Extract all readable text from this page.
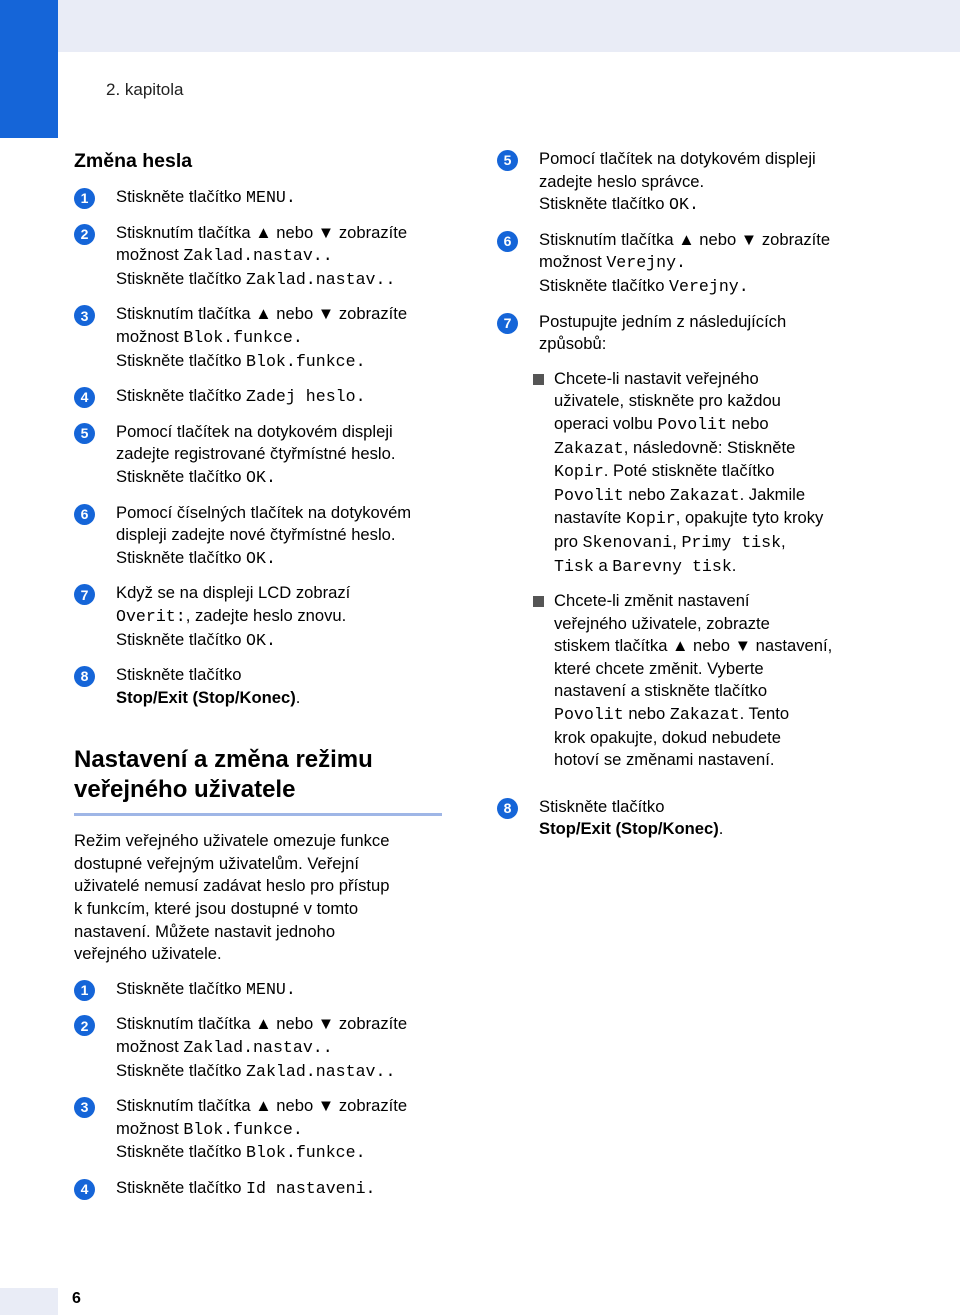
2. kapitola
Změna hesla
1	Stiskněte tlačítko MENU.
2	Stisknutím tlačítka ▲ nebo ▼ zobrazíte
možnost Zaklad.nastav..
Stiskněte tlačítko Zaklad.nastav..
3	Stisknutím tlačítka ▲ nebo ▼ zobrazíte
možnost Blok.funkce.
Stiskněte tlačítko Blok.funkce.
4	Stiskněte tlačítko Zadej heslo.
5	Pomocí tlačítek na dotykovém displeji
zadejte registrované čtyřmístné heslo.
Stiskněte tlačítko OK.
6	Pomocí číselných tlačítek na dotykovém
displeji zadejte nové čtyřmístné heslo.
Stiskněte tlačítko OK.
7	Když se na displeji LCD zobrazí
Overit:, zadejte heslo znovu.
Stiskněte tlačítko OK.
8	Stiskněte tlačítko
Stop/Exit (Stop/Konec).
Nastavení a změna režimu
veřejného uživatele

Režim veřejného uživatele omezuje funkce
dostupné veřejným uživatelům. Veřejní
uživatelé nemusí zadávat heslo pro přístup
k funkcím, které jsou dostupné v tomto
nastavení. Můžete nastavit jednoho
veřejného uživatele.

1	Stiskněte tlačítko MENU.
2	Stisknutím tlačítka ▲ nebo ▼ zobrazíte
možnost Zaklad.nastav..
Stiskněte tlačítko Zaklad.nastav..
3	Stisknutím tlačítka ▲ nebo ▼ zobrazíte
možnost Blok.funkce.
Stiskněte tlačítko Blok.funkce.
4	Stiskněte tlačítko Id nastaveni.
5	Pomocí tlačítek na dotykovém displeji
zadejte heslo správce.
Stiskněte tlačítko OK.
6	Stisknutím tlačítka ▲ nebo ▼ zobrazíte
možnost Verejny.
Stiskněte tlačítko Verejny.
7	Postupujte jedním z následujících
způsobů:
Chcete-li nastavit veřejného
uživatele, stiskněte pro každou
operaci volbu Povolit nebo
Zakazat, následovně: Stiskněte
Kopir. Poté stiskněte tlačítko
Povolit nebo Zakazat. Jakmile
nastavíte Kopir, opakujte tyto kroky
pro Skenovani, Primy tisk,
Tisk a Barevny tisk.
Chcete-li změnit nastavení
veřejného uživatele, zobrazte
stiskem tlačítka ▲ nebo ▼ nastavení,
které chcete změnit. Vyberte
nastavení a stiskněte tlačítko
Povolit nebo Zakazat. Tento
krok opakujte, dokud nebudete
hotoví se změnami nastavení.
8	Stiskněte tlačítko
Stop/Exit (Stop/Konec).
6
